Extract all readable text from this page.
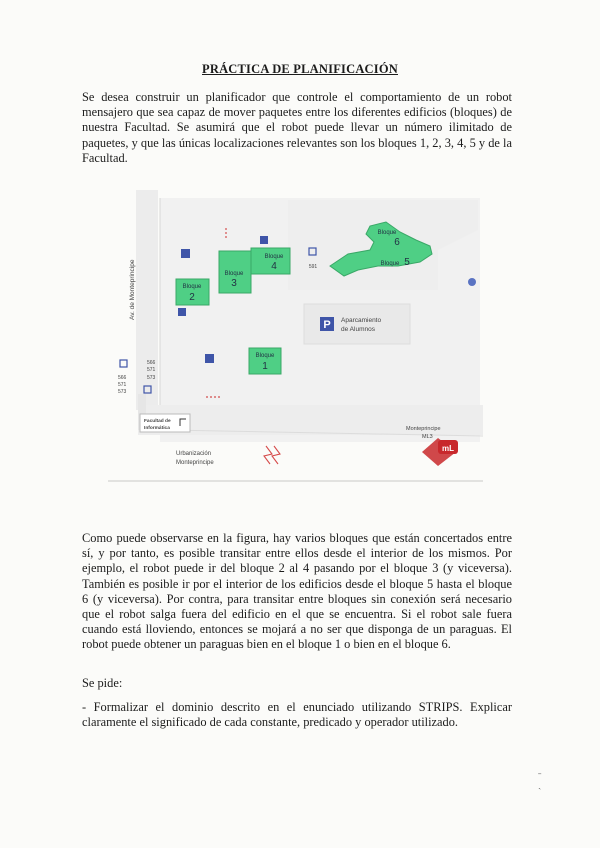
PRÁCTICA DE PLANIFICACIÓN

Se desea construir un planificador que controle el comportamiento de un robot mensajero que sea capaz de mover paquetes entre los diferentes edificios (bloques) de nuestra Facultad. Se asumirá que el robot puede llevar un número ilimitado de paquetes, y que las únicas localizaciones relevantes son los bloques 1, 2, 3, 4, 5 y de la Facultad.

P Aparcamiento
de Alumnos
Bloque
2
Bloque
3
Bloque
4
Bloque
1
Bloque
6
Bloque 5
591
566
571
573
566
571
573
Facultad de
Informática
Av. de Monteprincipe
Urbanización
Monteprincipe
Monteprincipe
ML3
mL

Como puede observarse en la figura, hay varios bloques que están concertados entre sí, y por tanto, es posible transitar entre ellos desde el interior de los mismos. Por ejemplo, el robot puede ir del bloque 2 al 4 pasando por el bloque 3 (y viceversa). También es posible ir por el interior de los edificios desde el bloque 5 hasta el bloque 6 (y viceversa). Por contra, para transitar entre bloques sin conexión será necesario que el robot salga fuera del edificio en el que se encuentra. Si el robot sale fuera cuando está lloviendo, entonces se mojará a no ser que disponga de un paraguas. El robot puede obtener un paraguas bien en el bloque 1 o bien en el bloque 6.

Se pide:

- Formalizar el dominio descrito en el enunciado utilizando STRIPS. Explicar claramente el significado de cada constante, predicado y operador utilizado.

˗
ˎ
